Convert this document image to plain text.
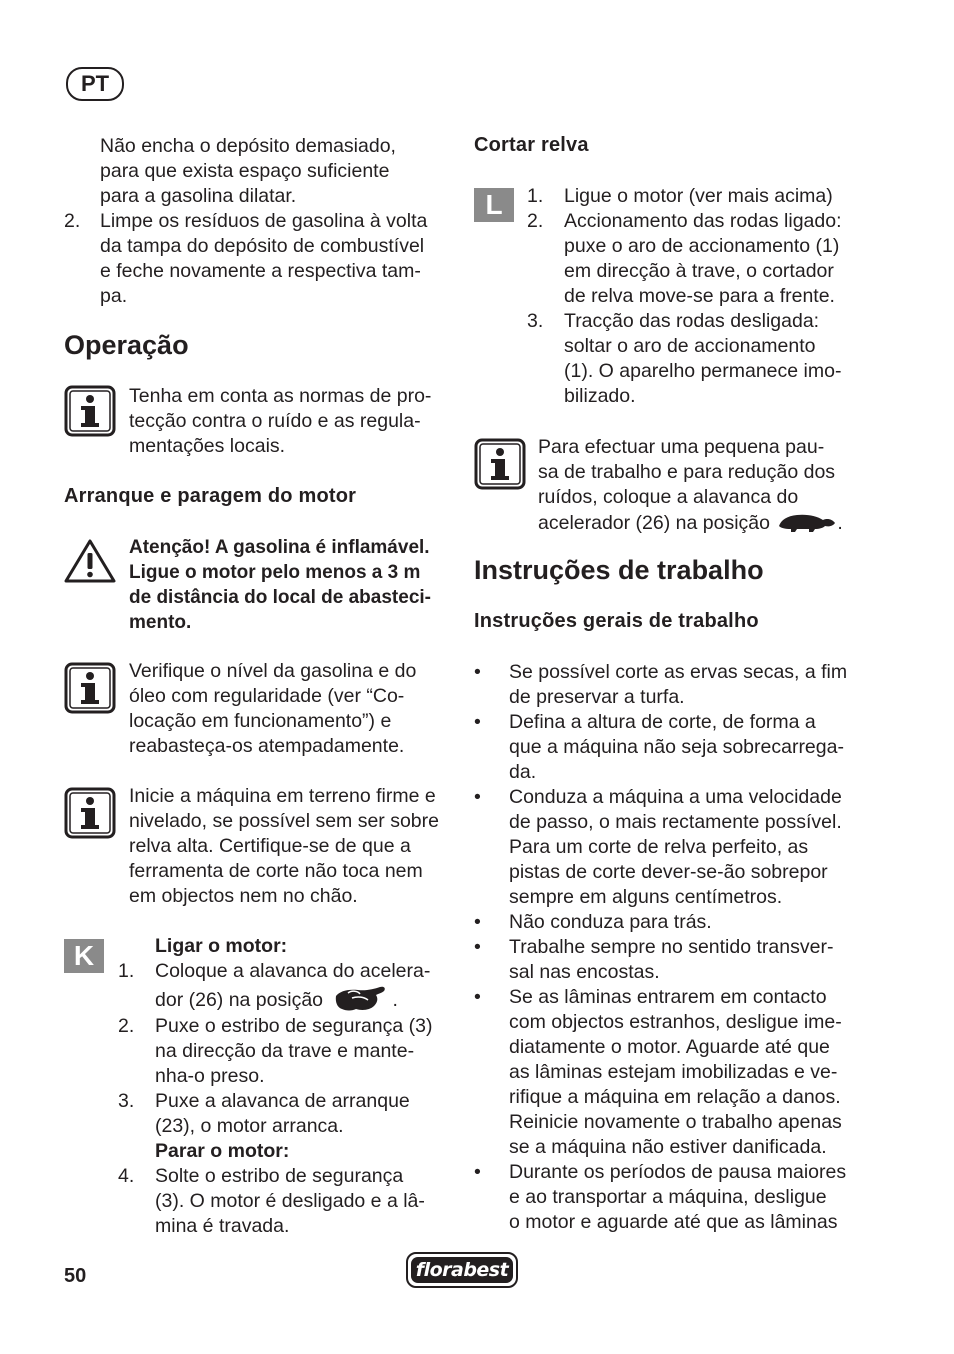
PT
Não encha o depósito demasiado,
para que exista espaço suficiente
para a gasolina dilatar.
2. Limpe os resíduos de gasolina à volta
da tampa do depósito de combustível
e feche novamente a respectiva tam-
pa.
Operação
Tenha em conta as normas de pro-
tecção contra o ruído e as regula-
mentações locais.
Arranque e paragem do motor
Atenção! A gasolina é inflamável.
Ligue o motor pelo menos a 3 m
de distância do local de abasteci-
mento.
Verifique o nível da gasolina e do
óleo com regularidade (ver “Co-
locação em funcionamento”) e
reabasteça-os atempadamente.
Inicie a máquina em terreno firme e
nivelado, se possível sem ser sobre
relva alta. Certifique-se de que a
ferramenta de corte não toca nem
em objectos nem no chão.
K	Ligar o motor:
1. Coloque a alavanca do acelera-
dor (26) na posição	.
2. Puxe o estribo de segurança (3)
na direcção da trave e mante-
nha-o preso.
3. Puxe a alavanca de arranque
(23), o motor arranca.
Parar o motor:
4. Solte o estribo de segurança
(3). O motor é desligado e a lâ-
mina é travada.
Cortar relva
L	1. Ligue o motor (ver mais acima)
2. Accionamento das rodas ligado:
puxe o aro de accionamento (1)
em direcção à trave, o cortador
de relva move-se para a frente.
3. Tracção das rodas desligada:
soltar o aro de accionamento
(1). O aparelho permanece imo-
bilizado.
Para efectuar uma pequena pau-
sa de trabalho e para redução dos
ruídos, coloque a alavanca do
acelerador (26) na posição	.
Instruções de trabalho
Instruções gerais de trabalho
• Se possível corte as ervas secas, a fim
de preservar a turfa.
• Defina a altura de corte, de forma a
que a máquina não seja sobrecarrega-
da.
• Conduza a máquina a uma velocidade
de passo, o mais rectamente possível.
Para um corte de relva perfeito, as
pistas de corte dever-se-ão sobrepor
sempre em alguns centímetros.
• Não conduza para trás.
• Trabalhe sempre no sentido transver-
sal nas encostas.
• Se as lâminas entrarem em contacto
com objectos estranhos, desligue ime-
diatamente o motor. Aguarde até que
as lâminas estejam imobilizadas e ve-
rifique a máquina em relação a danos.
Reinicie novamente o trabalho apenas
se a máquina não estiver danificada.
• Durante os períodos de pausa maiores
e ao transportar a máquina, desligue
o motor e aguarde até que as lâminas
50	florabest
